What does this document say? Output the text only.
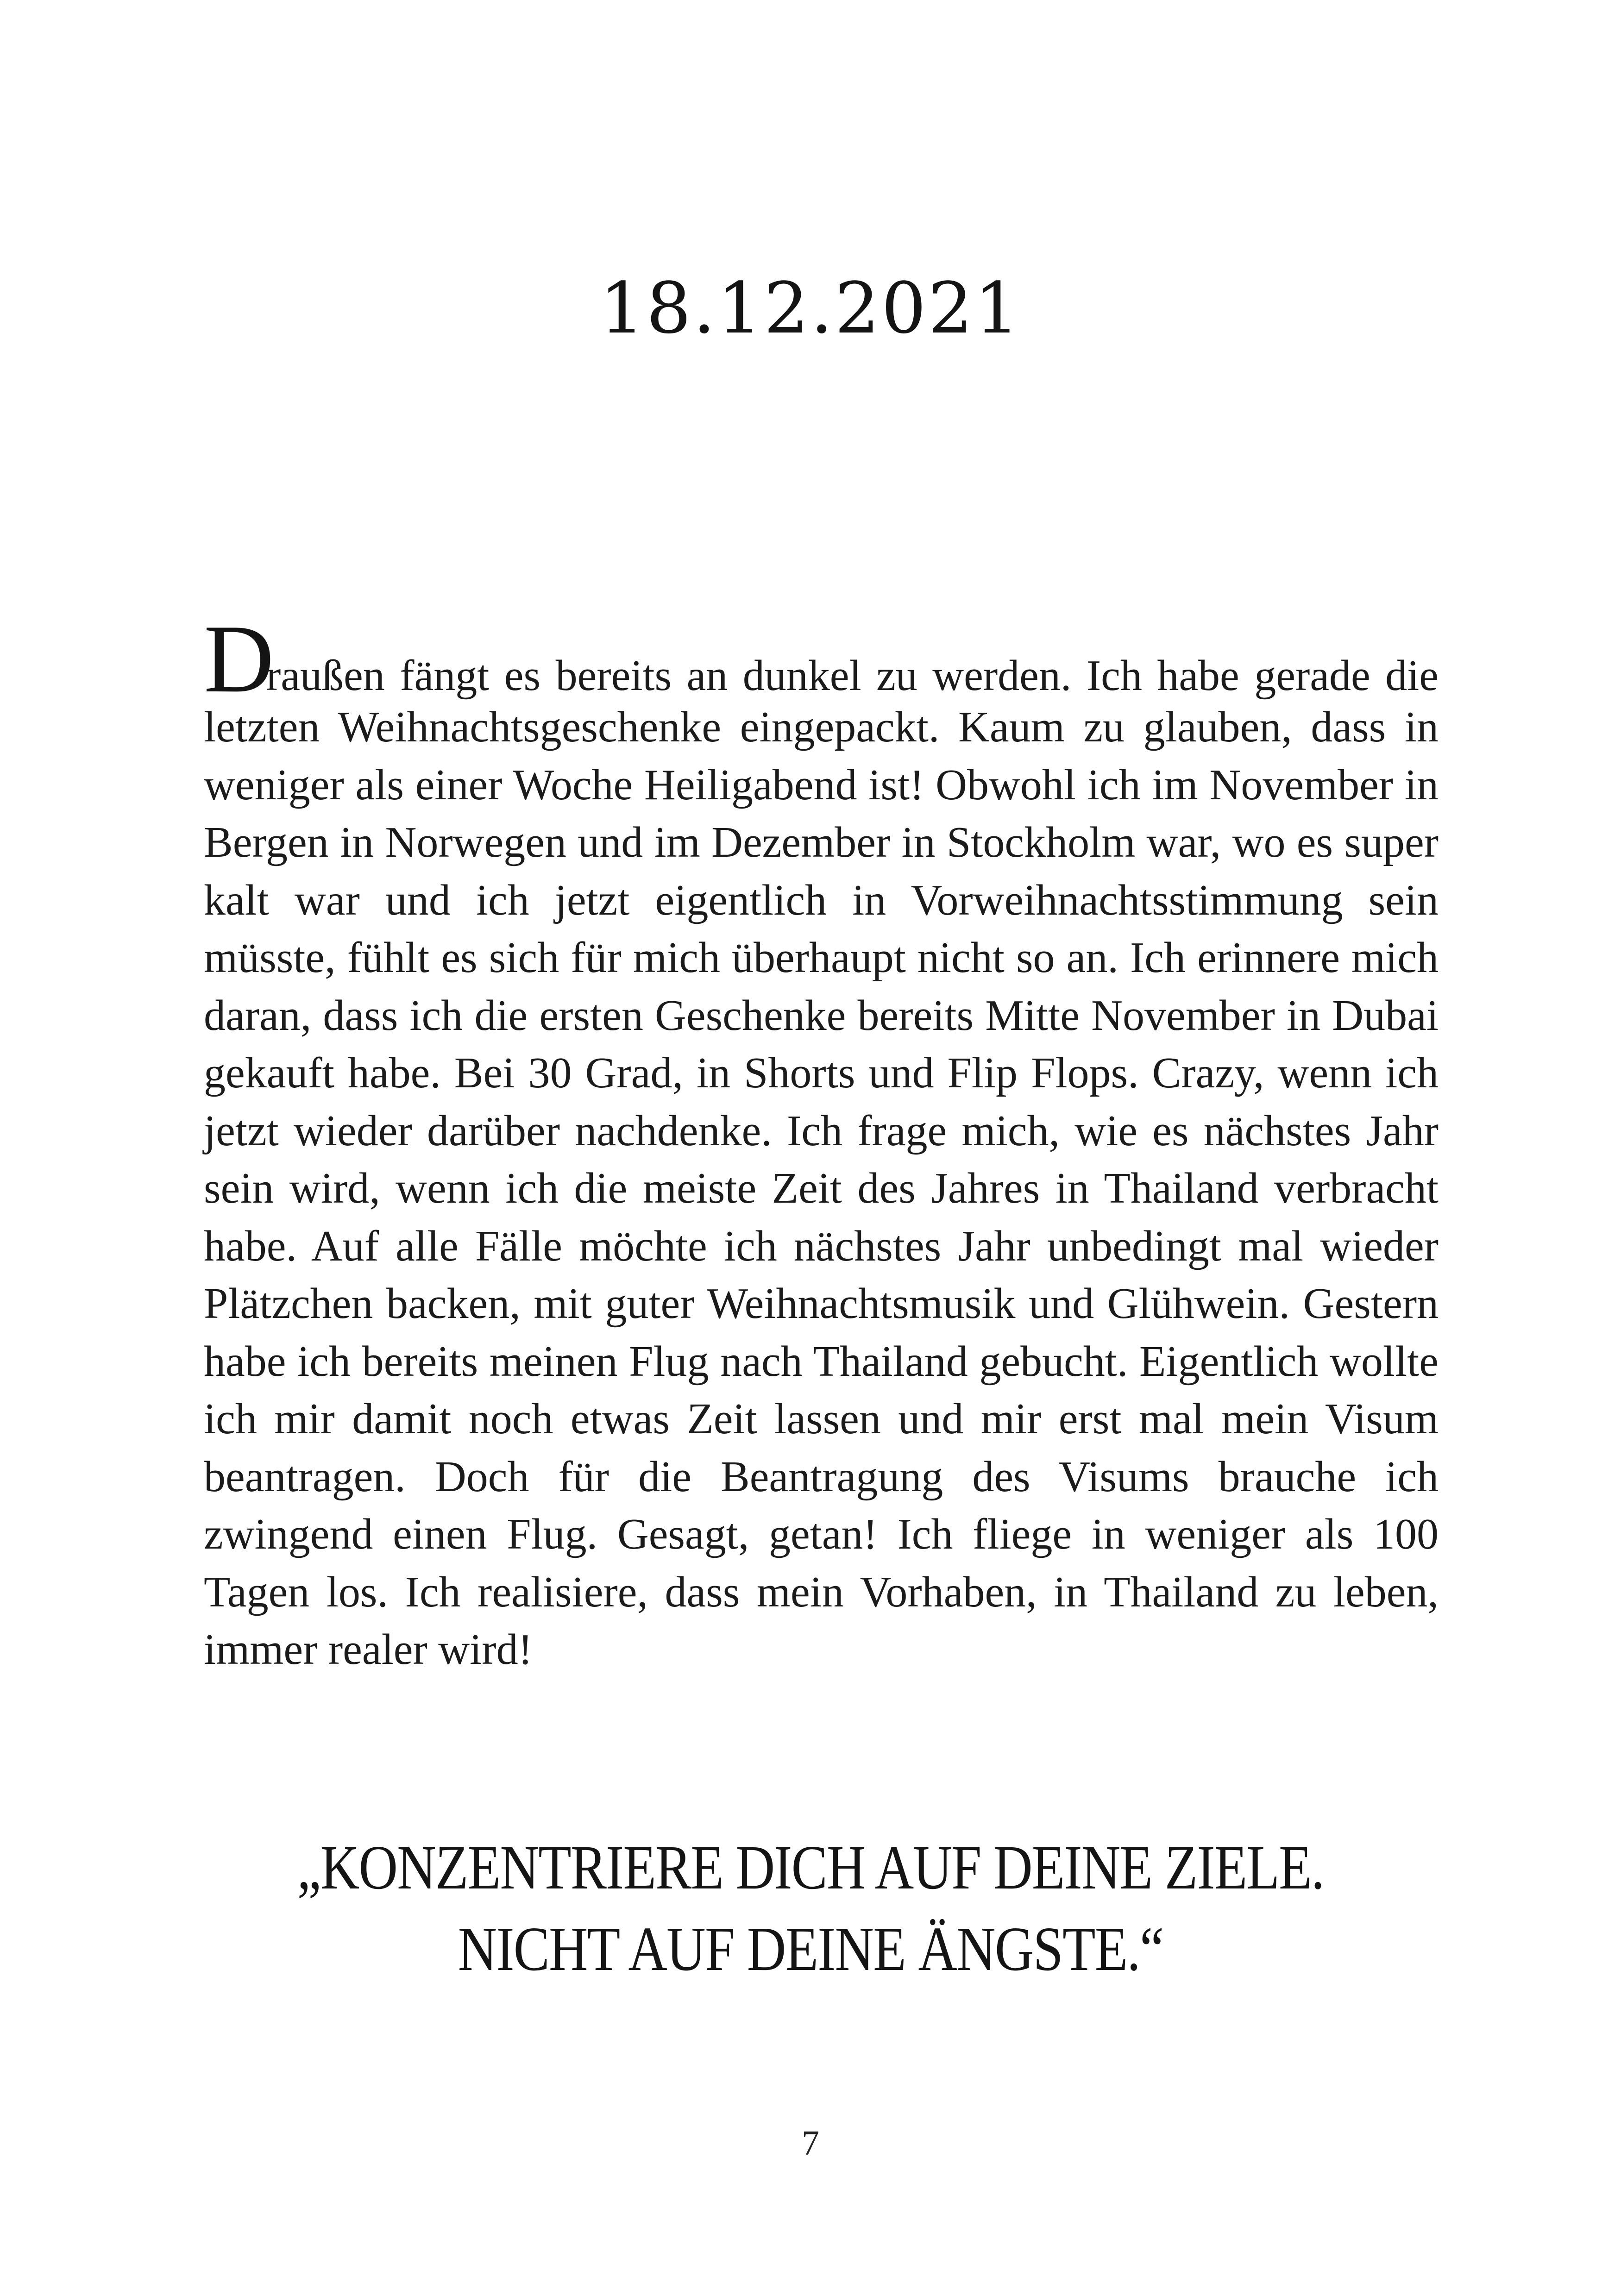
18.12.2021
D
raußen fängt es bereits an dunkel zu werden. Ich habe gerade die

letzten Weihnachtsgeschenke eingepackt. Kaum zu glauben, dass in weniger als einer Woche Heiligabend ist! Obwohl ich im November in Bergen in Norwegen und im Dezember in Stockholm war, wo es super kalt war und ich jetzt eigentlich in Vorweihnachtsstimmung sein müsste, fühlt es sich für mich überhaupt nicht so an. Ich erinnere mich daran, dass ich die ersten Geschenke bereits Mitte November in Dubai gekauft habe. Bei 30 Grad, in Shorts und Flip Flops. Crazy, wenn ich jetzt wieder darüber nachdenke. Ich frage mich, wie es nächstes Jahr sein wird, wenn ich die meiste Zeit des Jahres in Thailand verbracht habe. Auf alle Fälle möchte ich nächstes Jahr unbedingt mal wieder Plätzchen backen, mit guter Weihnachtsmusik und Glühwein. Gestern habe ich bereits meinen Flug nach Thailand gebucht. Eigentlich wollte ich mir damit noch etwas Zeit lassen und mir erst mal mein Visum beantragen. Doch für die Beantragung des Visums brauche ich zwingend einen Flug. Gesagt, getan! Ich fliege in weniger als 100 Tagen los. Ich realisiere, dass mein Vorhaben, in Thailand zu leben, immer realer wird!

„KONZENTRIERE DICH AUF DEINE ZIELE.
NICHT AUF DEINE ÄNGSTE.“
7
